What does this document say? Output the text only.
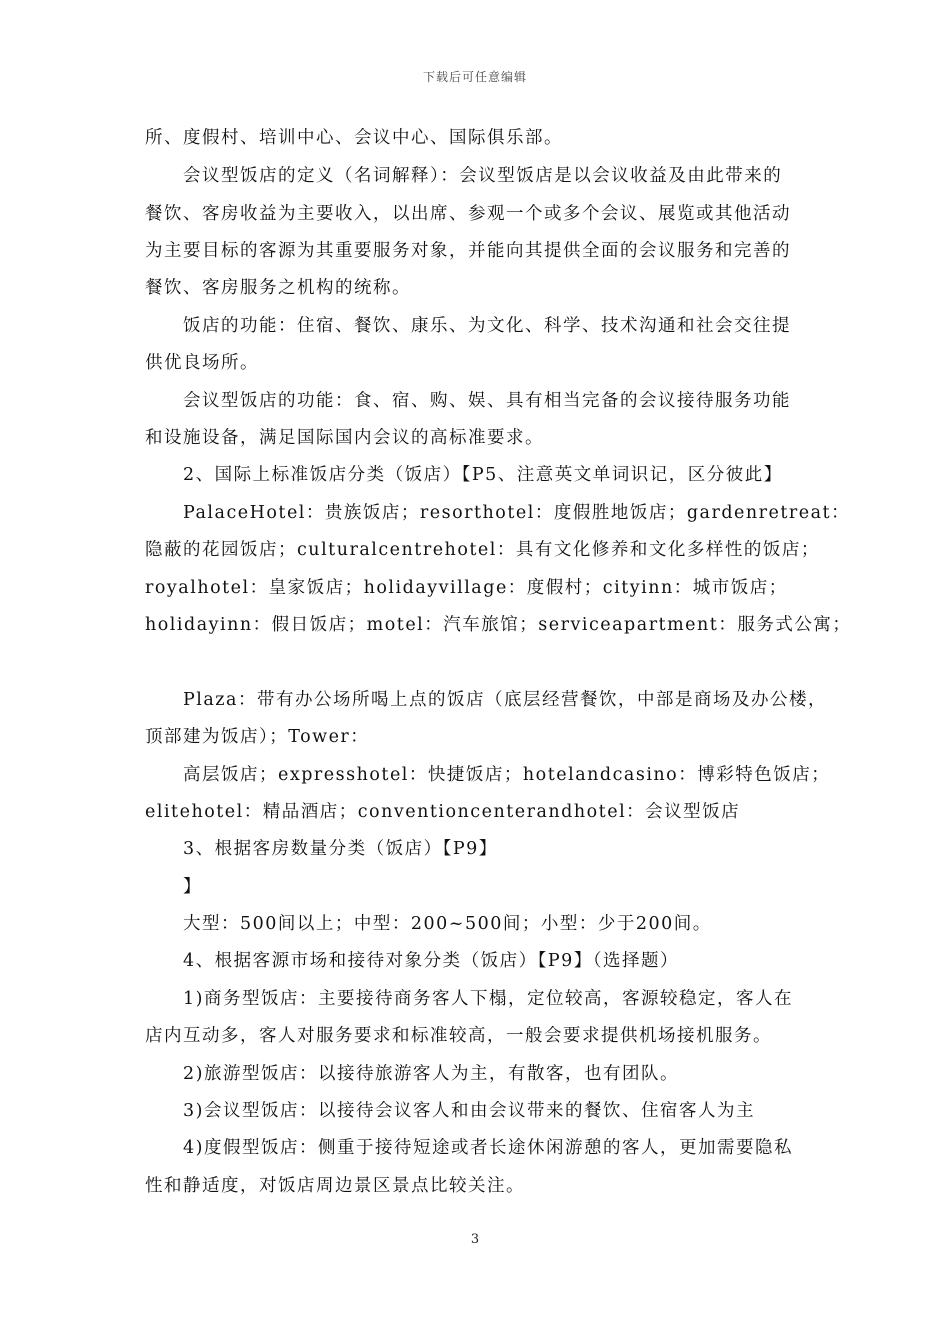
下载后可任意编辑
所、度假村、培训中心、会议中心、国际俱乐部。
会议型饭店的定义（名词解释）：会议型饭店是以会议收益及由此带来的
餐饮、客房收益为主要收入，以出席、参观一个或多个会议、展览或其他活动
为主要目标的客源为其重要服务对象，并能向其提供全面的会议服务和完善的
餐饮、客房服务之机构的统称。
饭店的功能：住宿、餐饮、康乐、为文化、科学、技术沟通和社会交往提
供优良场所。
会议型饭店的功能：食、宿、购、娱、具有相当完备的会议接待服务功能
和设施设备，满足国际国内会议的高标准要求。
2、国际上标准饭店分类（饭店）【P5、注意英文单词识记，区分彼此】
PalaceHotel：贵族饭店；resorthotel：度假胜地饭店；gardenretreat：
隐蔽的花园饭店；culturalcentrehotel：具有文化修养和文化多样性的饭店；
royalhotel：皇家饭店；holidayvillage：度假村；cityinn：城市饭店；
holidayinn：假日饭店；motel：汽车旅馆；serviceapartment：服务式公寓；
Plaza：带有办公场所喝上点的饭店（底层经营餐饮，中部是商场及办公楼，
顶部建为饭店）；Tower：
高层饭店；expresshotel：快捷饭店；hotelandcasino：博彩特色饭店；
elitehotel：精品酒店；conventioncenterandhotel：会议型饭店
3、根据客房数量分类（饭店）【P9】
】
大型：500间以上；中型：200~500间；小型：少于200间。
4、根据客源市场和接待对象分类（饭店）【P9】（选择题）
1)商务型饭店：主要接待商务客人下榻，定位较高，客源较稳定，客人在
店内互动多，客人对服务要求和标准较高，一般会要求提供机场接机服务。
2)旅游型饭店：以接待旅游客人为主，有散客，也有团队。
3)会议型饭店：以接待会议客人和由会议带来的餐饮、住宿客人为主
4)度假型饭店：侧重于接待短途或者长途休闲游憩的客人，更加需要隐私
性和静适度，对饭店周边景区景点比较关注。
3
